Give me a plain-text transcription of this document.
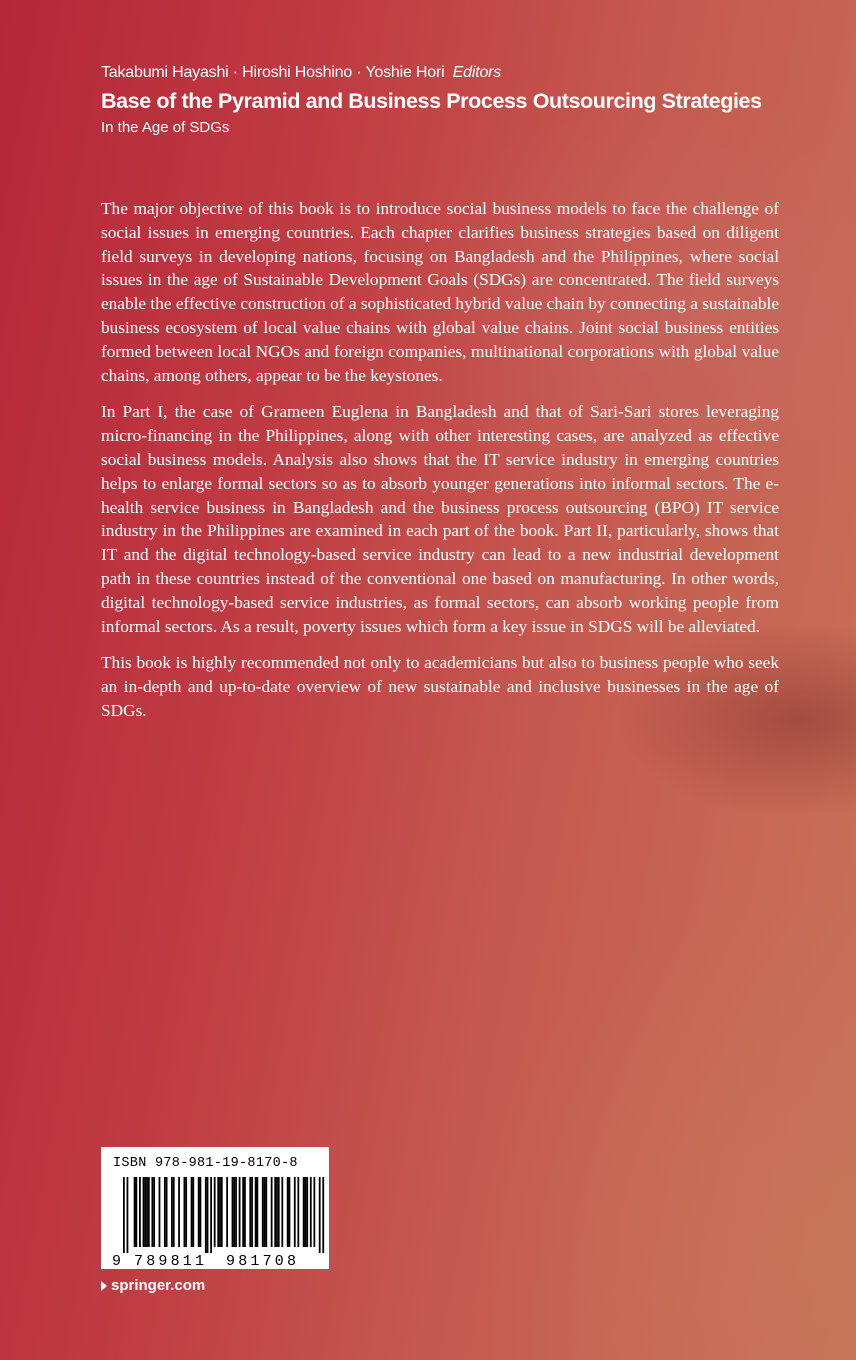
Takabumi Hayashi · Hiroshi Hoshino · Yoshie Hori Editors
Base of the Pyramid and Business Process Outsourcing Strategies
In the Age of SDGs

The major objective of this book is to introduce social business models to face the challenge of social issues in emerging countries. Each chapter clarifies business strategies based on diligent field surveys in developing nations, focusing on Bangladesh and the Philippines, where social issues in the age of Sustainable Development Goals (SDGs) are concentrated. The field surveys enable the effective construction of a sophisticated hybrid value chain by connecting a sustainable business ecosystem of local value chains with global value chains. Joint social business entities formed between local NGOs and foreign companies, multinational corporations with global value chains, among others, appear to be the keystones.

In Part I, the case of Grameen Euglena in Bangladesh and that of Sari-Sari stores leveraging micro-financing in the Philippines, along with other interesting cases, are analyzed as effective social business models. Analysis also shows that the IT service industry in emerging countries helps to enlarge formal sectors so as to absorb younger generations into informal sectors. The e-health service business in Bangladesh and the business process outsourcing (BPO) IT service industry in the Philippines are examined in each part of the book. Part II, particularly, shows that IT and the digital technology-based service industry can lead to a new industrial development path in these countries instead of the conventional one based on manufacturing. In other words, digital technology-based service industries, as formal sectors, can absorb working people from informal sectors. As a result, poverty issues which form a key issue in SDGS will be alleviated.

This book is highly recommended not only to academicians but also to business people who seek an in-depth and up-to-date overview of new sustainable and inclusive businesses in the age of SDGs.

ISBN 978-981-19-8170-8
9 789811 981708
springer.com
